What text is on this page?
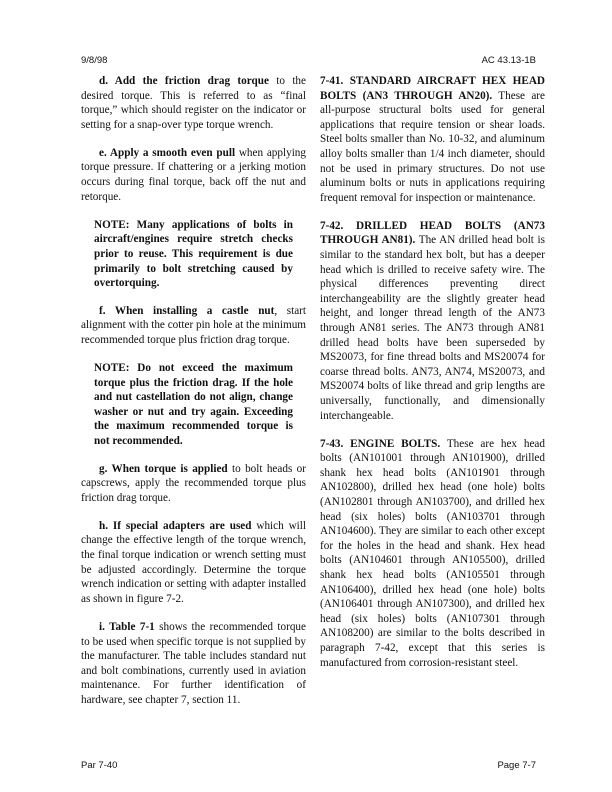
9/8/98	AC 43.13-1B

d. Add the friction drag torque to the desired torque. This is referred to as “final torque,” which should register on the indicator or setting for a snap-over type torque wrench.

e. Apply a smooth even pull when applying torque pressure. If chattering or a jerking motion occurs during final torque, back off the nut and retorque.

NOTE: Many applications of bolts in aircraft/engines require stretch checks prior to reuse. This requirement is due primarily to bolt stretching caused by overtorquing.

f. When installing a castle nut, start alignment with the cotter pin hole at the minimum recommended torque plus friction drag torque.

NOTE: Do not exceed the maximum torque plus the friction drag. If the hole and nut castellation do not align, change washer or nut and try again. Exceeding the maximum recommended torque is not recommended.

g. When torque is applied to bolt heads or capscrews, apply the recommended torque plus friction drag torque.

h. If special adapters are used which will change the effective length of the torque wrench, the final torque indication or wrench setting must be adjusted accordingly. Determine the torque wrench indication or setting with adapter installed as shown in figure 7-2.

i. Table 7-1 shows the recommended torque to be used when specific torque is not supplied by the manufacturer. The table includes standard nut and bolt combinations, currently used in aviation maintenance. For further identification of hardware, see chapter 7, section 11.

7-41. STANDARD AIRCRAFT HEX HEAD BOLTS (AN3 THROUGH AN20). These are all-purpose structural bolts used for general applications that require tension or shear loads. Steel bolts smaller than No. 10-32, and aluminum alloy bolts smaller than 1/4 inch diameter, should not be used in primary structures. Do not use aluminum bolts or nuts in applications requiring frequent removal for inspection or maintenance.

7-42. DRILLED HEAD BOLTS (AN73 THROUGH AN81). The AN drilled head bolt is similar to the standard hex bolt, but has a deeper head which is drilled to receive safety wire. The physical differences preventing direct interchangeability are the slightly greater head height, and longer thread length of the AN73 through AN81 series. The AN73 through AN81 drilled head bolts have been superseded by MS20073, for fine thread bolts and MS20074 for coarse thread bolts. AN73, AN74, MS20073, and MS20074 bolts of like thread and grip lengths are universally, functionally, and dimensionally interchangeable.

7-43. ENGINE BOLTS. These are hex head bolts (AN101001 through AN101900), drilled shank hex head bolts (AN101901 through AN102800), drilled hex head (one hole) bolts (AN102801 through AN103700), and drilled hex head (six holes) bolts (AN103701 through AN104600). They are similar to each other except for the holes in the head and shank. Hex head bolts (AN104601 through AN105500), drilled shank hex head bolts (AN105501 through AN106400), drilled hex head (one hole) bolts (AN106401 through AN107300), and drilled hex head (six holes) bolts (AN107301 through AN108200) are similar to the bolts described in paragraph 7-42, except that this series is manufactured from corrosion-resistant steel.

Par 7-40	Page 7-7
